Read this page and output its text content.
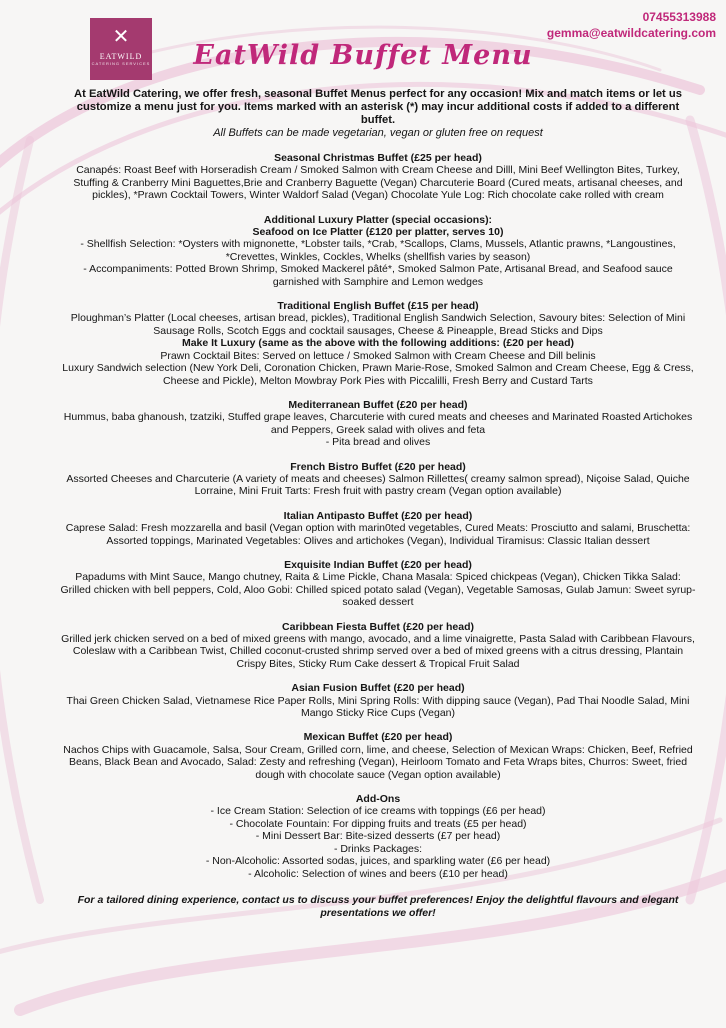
✕
EATWILD
CATERING SERVICES
07455313988
gemma@eatwildcatering.com
EatWild Buffet Menu
At EatWild Catering, we offer fresh, seasonal Buffet Menus perfect for any occasion! Mix and match items or let us customize a menu just for you. Items marked with an asterisk (*) may incur additional costs if added to a different buffet.
All Buffets can be made vegetarian, vegan or gluten free on request
Seasonal Christmas Buffet (£25 per head)
Canapés: Roast Beef with Horseradish Cream / Smoked Salmon with Cream Cheese and Dilll, Mini Beef Wellington Bites, Turkey, Stuffing & Cranberry Mini Baguettes,Brie and Cranberry Baguette (Vegan) Charcuterie Board (Cured meats, artisanal cheeses, and pickles), *Prawn Cocktail Towers, Winter Waldorf Salad (Vegan) Chocolate Yule Log: Rich chocolate cake rolled with cream
Additional Luxury Platter (special occasions):
Seafood on Ice Platter (£120 per platter, serves 10)
- Shellfish Selection: *Oysters with mignonette, *Lobster tails, *Crab, *Scallops, Clams, Mussels, Atlantic prawns, *Langoustines, *Crevettes, Winkles, Cockles, Whelks (shellfish varies by season)
- Accompaniments: Potted Brown Shrimp, Smoked Mackerel pâté*, Smoked Salmon Pate, Artisanal Bread, and Seafood sauce garnished with Samphire and Lemon wedges
Traditional English Buffet (£15 per head)
Ploughman’s Platter (Local cheeses, artisan bread, pickles), Traditional English Sandwich Selection, Savoury bites: Selection of Mini Sausage Rolls, Scotch Eggs and cocktail sausages, Cheese & Pineapple, Bread Sticks and Dips
Make It Luxury (same as the above with the following additions: (£20 per head)
Prawn Cocktail Bites: Served on lettuce / Smoked Salmon with Cream Cheese and Dill belinis
Luxury Sandwich selection (New York Deli, Coronation Chicken, Prawn Marie-Rose, Smoked Salmon and Cream Cheese, Egg & Cress, Cheese and Pickle), Melton Mowbray Pork Pies with Piccalilli, Fresh Berry and Custard Tarts
Mediterranean Buffet (£20 per head)
Hummus, baba ghanoush, tzatziki, Stuffed grape leaves, Charcuterie with cured meats and cheeses and Marinated Roasted Artichokes and Peppers, Greek salad with olives and feta
- Pita bread and olives
French Bistro Buffet (£20 per head)
Assorted Cheeses and Charcuterie (A variety of meats and cheeses) Salmon Rillettes( creamy salmon spread), Niçoise Salad, Quiche Lorraine, Mini Fruit Tarts: Fresh fruit with pastry cream (Vegan option available)
Italian Antipasto Buffet (£20 per head)
Caprese Salad: Fresh mozzarella and basil (Vegan option with marin0ted vegetables, Cured Meats: Prosciutto and salami, Bruschetta: Assorted toppings, Marinated Vegetables: Olives and artichokes (Vegan), Individual Tiramisus: Classic Italian dessert
Exquisite Indian Buffet (£20 per head)
Papadums with Mint Sauce, Mango chutney, Raita & Lime Pickle, Chana Masala: Spiced chickpeas (Vegan), Chicken Tikka Salad: Grilled chicken with bell peppers, Cold, Aloo Gobi: Chilled spiced potato salad (Vegan), Vegetable Samosas, Gulab Jamun: Sweet syrup-soaked dessert
Caribbean Fiesta Buffet (£20 per head)
Grilled jerk chicken served on a bed of mixed greens with mango, avocado, and a lime vinaigrette, Pasta Salad with Caribbean Flavours, Coleslaw with a Caribbean Twist, Chilled coconut-crusted shrimp served over a bed of mixed greens with a citrus dressing, Plantain Crispy Bites, Sticky Rum Cake dessert & Tropical Fruit Salad
Asian Fusion Buffet (£20 per head)
Thai Green Chicken Salad, Vietnamese Rice Paper Rolls, Mini Spring Rolls: With dipping sauce (Vegan), Pad Thai Noodle Salad, Mini Mango Sticky Rice Cups (Vegan)
Mexican Buffet (£20 per head)
Nachos Chips with Guacamole, Salsa, Sour Cream, Grilled corn, lime, and cheese, Selection of Mexican Wraps: Chicken, Beef, Refried Beans, Black Bean and Avocado, Salad: Zesty and refreshing (Vegan), Heirloom Tomato and Feta Wraps bites, Churros: Sweet, fried dough with chocolate sauce (Vegan option available)
Add-Ons
- Ice Cream Station: Selection of ice creams with toppings (£6 per head)
- Chocolate Fountain: For dipping fruits and treats (£5 per head)
- Mini Dessert Bar: Bite-sized desserts (£7 per head)
- Drinks Packages:
- Non-Alcoholic: Assorted sodas, juices, and sparkling water (£6 per head)
- Alcoholic: Selection of wines and beers (£10 per head)
For a tailored dining experience, contact us to discuss your buffet preferences! Enjoy the delightful flavours and elegant presentations we offer!
